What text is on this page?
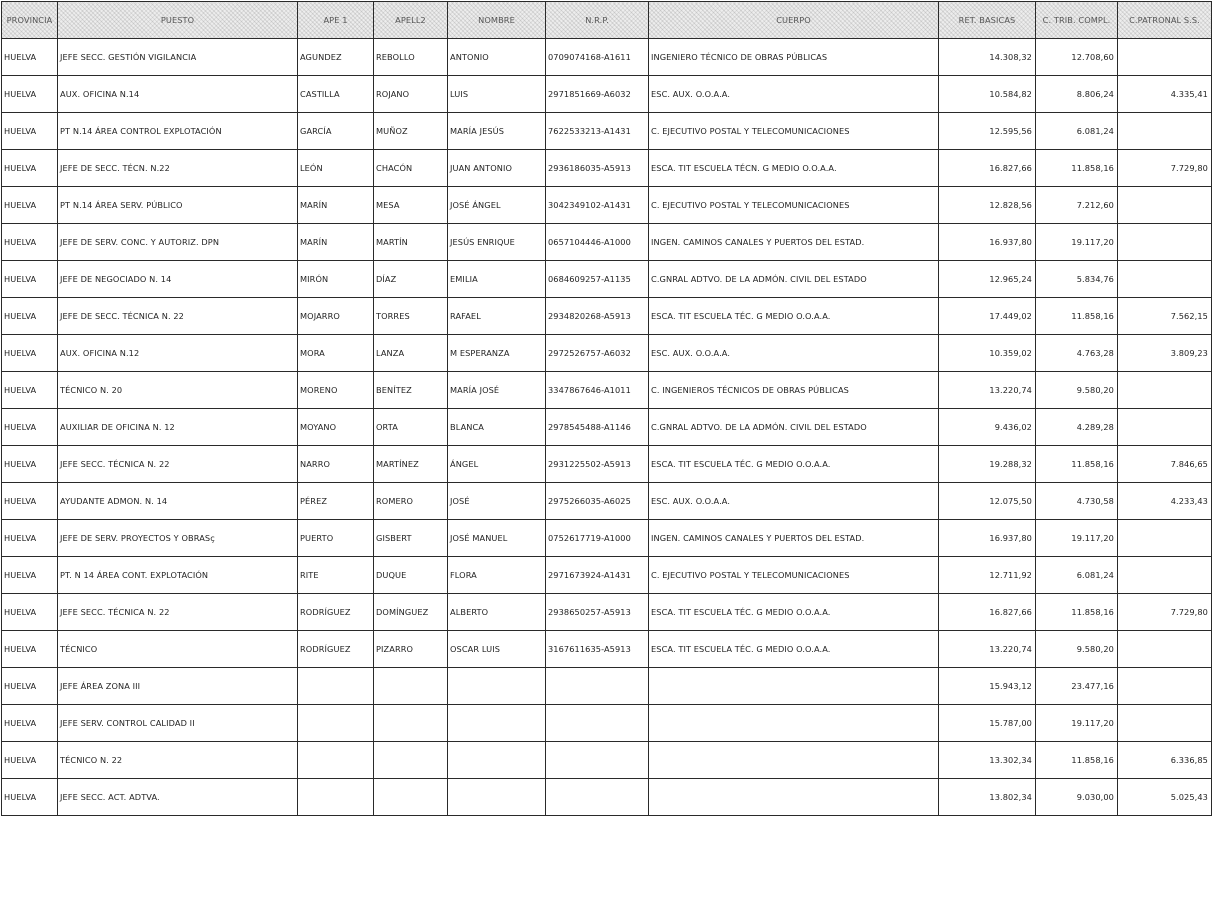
PROVINCIA	PUESTO	APE 1	APELL2	NOMBRE	N.R.P.	CUERPO	RET. BASICAS	C. TRIB. COMPL.	C.PATRONAL S.S.
HUELVA	JEFE SECC. GESTIÓN VIGILANCIA	AGUNDEZ	REBOLLO	ANTONIO	0709074168-A1611	INGENIERO TÉCNICO DE OBRAS PÚBLICAS	14.308,32	12.708,60	
HUELVA	AUX. OFICINA N.14	CASTILLA	ROJANO	LUIS	2971851669-A6032	ESC. AUX. O.O.A.A.	10.584,82	8.806,24	4.335,41
HUELVA	PT N.14 ÁREA CONTROL EXPLOTACIÓN	GARCÍA	MUÑOZ	MARÍA JESÚS	7622533213-A1431	C. EJECUTIVO POSTAL Y TELECOMUNICACIONES	12.595,56	6.081,24	
HUELVA	JEFE DE SECC. TÉCN. N.22	LEÓN	CHACÓN	JUAN ANTONIO	2936186035-A5913	ESCA. TIT ESCUELA TÉCN. G MEDIO O.O.A.A.	16.827,66	11.858,16	7.729,80
HUELVA	PT N.14 ÁREA SERV. PÚBLICO	MARÍN	MESA	JOSÉ ÁNGEL	3042349102-A1431	C. EJECUTIVO POSTAL Y TELECOMUNICACIONES	12.828,56	7.212,60	
HUELVA	JEFE DE SERV. CONC. Y AUTORIZ. DPN	MARÍN	MARTÍN	JESÚS ENRIQUE	0657104446-A1000	INGEN. CAMINOS CANALES Y PUERTOS DEL ESTAD.	16.937,80	19.117,20	
HUELVA	JEFE DE NEGOCIADO N. 14	MIRÓN	DÍAZ	EMILIA	0684609257-A1135	C.GNRAL ADTVO. DE LA ADMÓN. CIVIL DEL ESTADO	12.965,24	5.834,76	
HUELVA	JEFE DE SECC. TÉCNICA N. 22	MOJARRO	TORRES	RAFAEL	2934820268-A5913	ESCA. TIT ESCUELA TÉC. G MEDIO O.O.A.A.	17.449,02	11.858,16	7.562,15
HUELVA	AUX. OFICINA N.12	MORA	LANZA	M ESPERANZA	2972526757-A6032	ESC. AUX. O.O.A.A.	10.359,02	4.763,28	3.809,23
HUELVA	TÉCNICO N. 20	MORENO	BENÍTEZ	MARÍA JOSÉ	3347867646-A1011	C. INGENIEROS TÉCNICOS DE OBRAS PÚBLICAS	13.220,74	9.580,20	
HUELVA	AUXILIAR DE OFICINA N. 12	MOYANO	ORTA	BLANCA	2978545488-A1146	C.GNRAL ADTVO. DE LA ADMÓN. CIVIL DEL ESTADO	9.436,02	4.289,28	
HUELVA	JEFE SECC. TÉCNICA N. 22	NARRO	MARTÍNEZ	ÁNGEL	2931225502-A5913	ESCA. TIT ESCUELA TÉC. G MEDIO O.O.A.A.	19.288,32	11.858,16	7.846,65
HUELVA	AYUDANTE ADMON. N. 14	PÉREZ	ROMERO	JOSÉ	2975266035-A6025	ESC. AUX. O.O.A.A.	12.075,50	4.730,58	4.233,43
HUELVA	JEFE DE SERV. PROYECTOS Y OBRASç	PUERTO	GISBERT	JOSÉ MANUEL	0752617719-A1000	INGEN. CAMINOS CANALES Y PUERTOS DEL ESTAD.	16.937,80	19.117,20	
HUELVA	PT. N 14 ÁREA CONT. EXPLOTACIÓN	RITE	DUQUE	FLORA	2971673924-A1431	C. EJECUTIVO POSTAL Y TELECOMUNICACIONES	12.711,92	6.081,24	
HUELVA	JEFE SECC. TÉCNICA N. 22	RODRÍGUEZ	DOMÍNGUEZ	ALBERTO	2938650257-A5913	ESCA. TIT ESCUELA TÉC. G MEDIO O.O.A.A.	16.827,66	11.858,16	7.729,80
HUELVA	TÉCNICO	RODRÍGUEZ	PIZARRO	OSCAR LUIS	3167611635-A5913	ESCA. TIT ESCUELA TÉC. G MEDIO O.O.A.A.	13.220,74	9.580,20	
HUELVA	JEFE ÁREA ZONA III						15.943,12	23.477,16	
HUELVA	JEFE SERV. CONTROL CALIDAD II						15.787,00	19.117,20	
HUELVA	TÉCNICO N. 22						13.302,34	11.858,16	6.336,85
HUELVA	JEFE SECC. ACT. ADTVA.						13.802,34	9.030,00	5.025,43
